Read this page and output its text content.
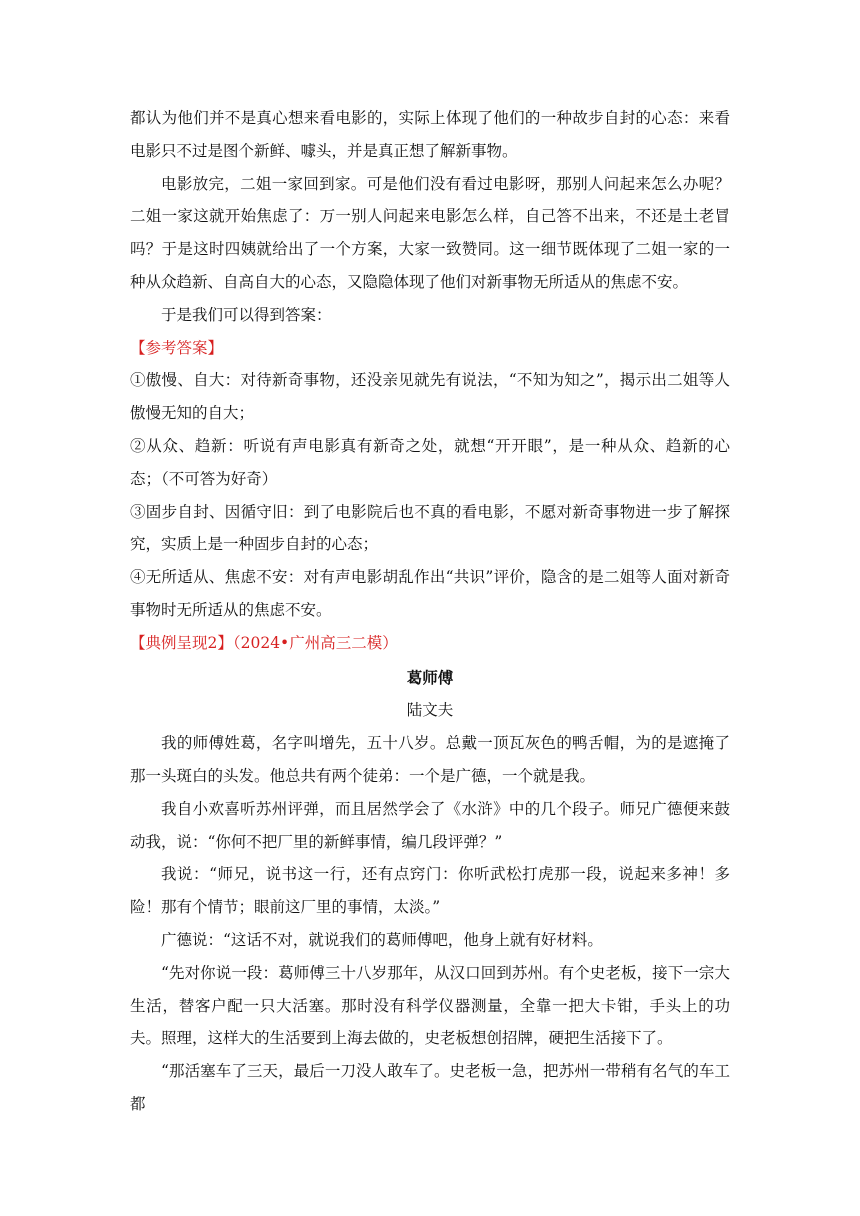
都认为他们并不是真心想来看电影的，实际上体现了他们的一种故步自封的心态：来看电影只不过是图个新鲜、噱头，并是真正想了解新事物。

电影放完，二姐一家回到家。可是他们没有看过电影呀，那别人问起来怎么办呢？二姐一家这就开始焦虑了：万一别人问起来电影怎么样，自己答不出来，不还是土老冒吗？于是这时四姨就给出了一个方案，大家一致赞同。这一细节既体现了二姐一家的一种从众趋新、自高自大的心态，又隐隐体现了他们对新事物无所适从的焦虑不安。

于是我们可以得到答案：

【参考答案】

①傲慢、自大：对待新奇事物，还没亲见就先有说法，“不知为知之”，揭示出二姐等人傲慢无知的自大；

②从众、趋新：听说有声电影真有新奇之处，就想“开开眼”，是一种从众、趋新的心态；（不可答为好奇）

③固步自封、因循守旧：到了电影院后也不真的看电影，不愿对新奇事物进一步了解探究，实质上是一种固步自封的心态；

④无所适从、焦虑不安：对有声电影胡乱作出“共识”评价，隐含的是二姐等人面对新奇事物时无所适从的焦虑不安。

【典例呈现2】（2024•广州高三二模）

葛师傅

陆文夫

我的师傅姓葛，名字叫增先，五十八岁。总戴一顶瓦灰色的鸭舌帽，为的是遮掩了那一头斑白的头发。他总共有两个徒弟：一个是广德，一个就是我。

我自小欢喜听苏州评弹，而且居然学会了《水浒》中的几个段子。师兄广德便来鼓动我，说：“你何不把厂里的新鲜事情，编几段评弹？”

我说：“师兄，说书这一行，还有点窍门：你听武松打虎那一段，说起来多神！多险！那有个情节；眼前这厂里的事情，太淡。”

广德说：“这话不对，就说我们的葛师傅吧，他身上就有好材料。

“先对你说一段：葛师傅三十八岁那年，从汉口回到苏州。有个史老板，接下一宗大生活，替客户配一只大活塞。那时没有科学仪器测量，全靠一把大卡钳，手头上的功夫。照理，这样大的生活要到上海去做的，史老板想创招牌，硬把生活接下了。

“那活塞车了三天，最后一刀没人敢车了。史老板一急，把苏州一带稍有名气的车工都
